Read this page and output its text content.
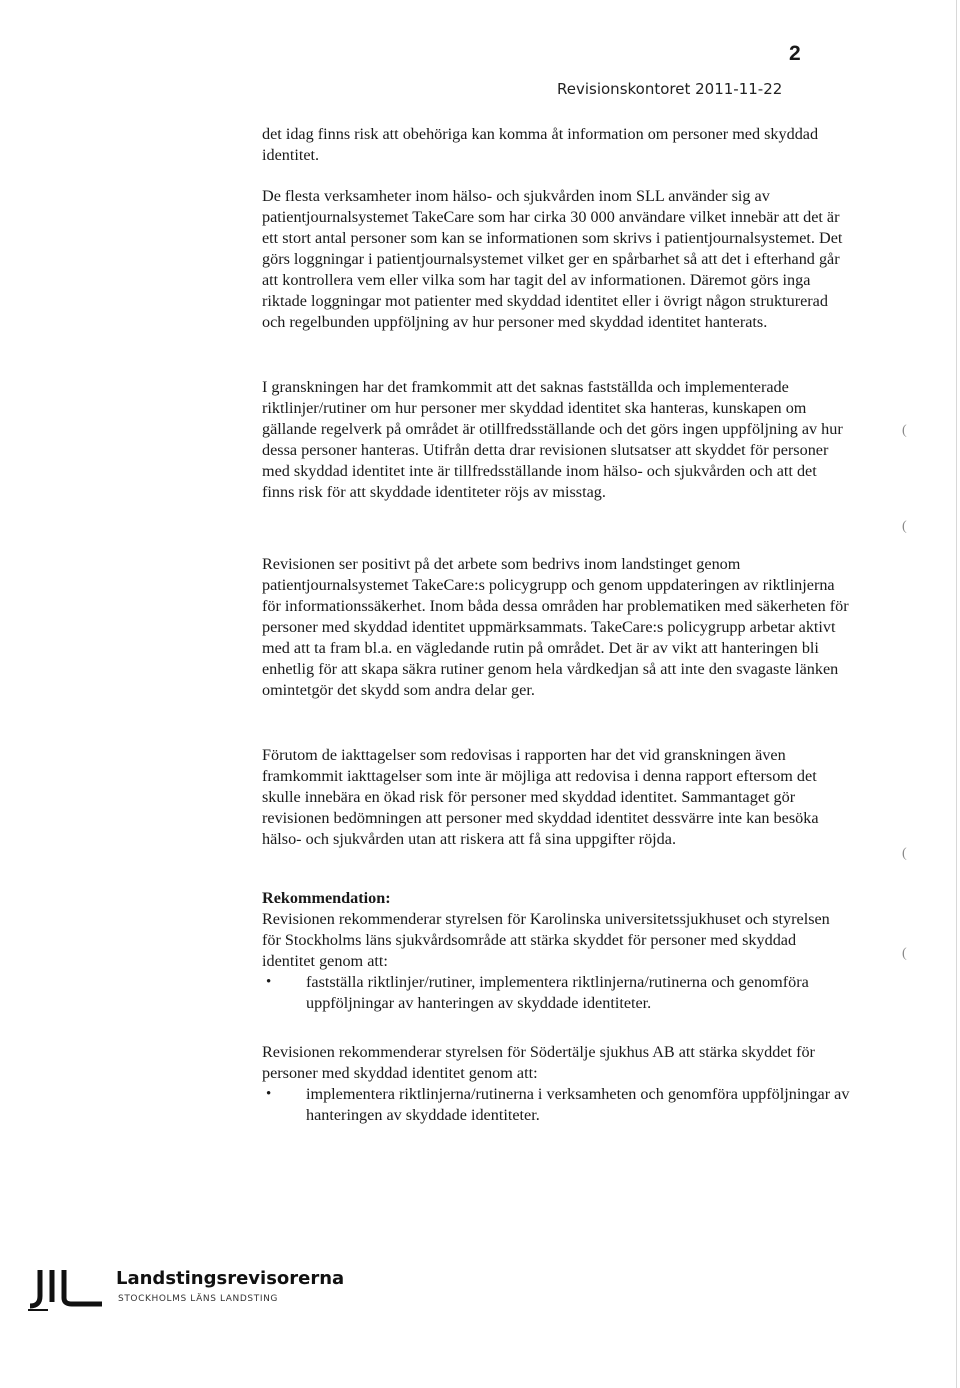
2
Revisionskontoret 2011-11-22

det idag finns risk att obehöriga kan komma åt information om personer med skyddad identitet.

De flesta verksamheter inom hälso- och sjukvården inom SLL använder sig av patientjournalsystemet TakeCare som har cirka 30 000 användare vilket innebär att det är ett stort antal personer som kan se informationen som skrivs i patientjournalsystemet. Det görs loggningar i patientjournalsystemet vilket ger en spårbarhet så att det i efterhand går att kontrollera vem eller vilka som har tagit del av informationen. Däremot görs inga riktade loggningar mot patienter med skyddad identitet eller i övrigt någon strukturerad och regelbunden uppföljning av hur personer med skyddad identitet hanterats.

I granskningen har det framkommit att det saknas fastställda och implementerade riktlinjer/rutiner om hur personer mer skyddad identitet ska hanteras, kunskapen om gällande regelverk på området är otillfredsställande och det görs ingen uppföljning av hur dessa personer hanteras. Utifrån detta drar revisionen slutsatser att skyddet för personer med skyddad identitet inte är tillfredsställande inom hälso- och sjukvården och att det finns risk för att skyddade identiteter röjs av misstag.

Revisionen ser positivt på det arbete som bedrivs inom landstinget genom patientjournalsystemet TakeCare:s policygrupp och genom uppdateringen av riktlinjerna för informationssäkerhet. Inom båda dessa områden har problematiken med säkerheten för personer med skyddad identitet uppmärksammats. TakeCare:s policygrupp arbetar aktivt med att ta fram bl.a. en vägledande rutin på området. Det är av vikt att hanteringen bli enhetlig för att skapa säkra rutiner genom hela vårdkedjan så att inte den svagaste länken omintetgör det skydd som andra delar ger.

Förutom de iakttagelser som redovisas i rapporten har det vid granskningen även framkommit iakttagelser som inte är möjliga att redovisa i denna rapport eftersom det skulle innebära en ökad risk för personer med skyddad identitet. Sammantaget gör revisionen bedömningen att personer med skyddad identitet dessvärre inte kan besöka hälso- och sjukvården utan att riskera att få sina uppgifter röjda.

Rekommendation:

Revisionen rekommenderar styrelsen för Karolinska universitetssjukhuset och styrelsen för Stockholms läns sjukvårdsområde att stärka skyddet för personer med skyddad identitet genom att:

• fastställa riktlinjer/rutiner, implementera riktlinjerna/rutinerna och genomföra uppföljningar av hanteringen av skyddade identiteter.

Revisionen rekommenderar styrelsen för Södertälje sjukhus AB att stärka skyddet för personer med skyddad identitet genom att:

• implementera riktlinjerna/rutinerna i verksamheten och genomföra uppföljningar av hanteringen av skyddade identiteter.
(
(
(
(
Landstingsrevisorerna
STOCKHOLMS LÄNS LANDSTING
